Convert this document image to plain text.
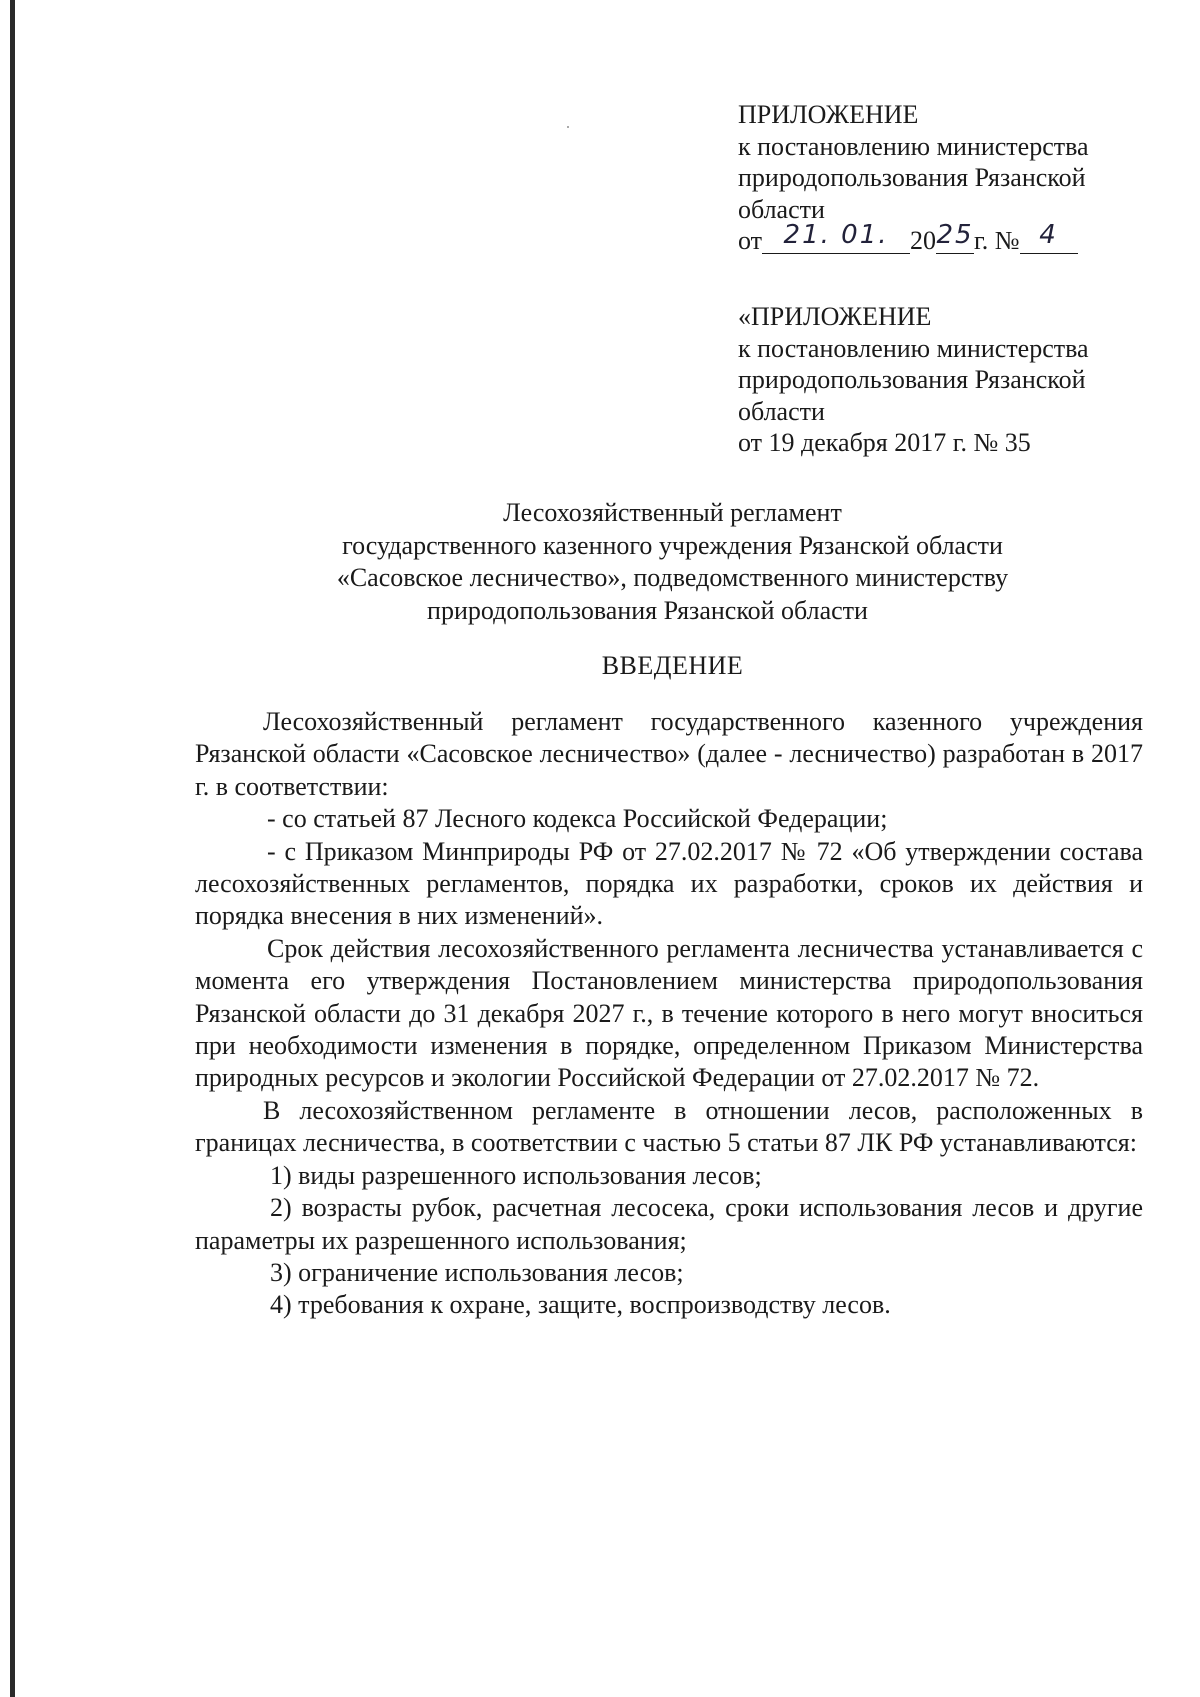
ПРИЛОЖЕНИЕ
к постановлению министерства
природопользования Рязанской
области
от 21. 01. 2025г. № 4
«ПРИЛОЖЕНИЕ
к постановлению министерства
природопользования Рязанской
области
от 19 декабря 2017 г. № 35
Лесохозяйственный регламент
государственного казенного учреждения Рязанской области
«Сасовское лесничество», подведомственного министерству
природопользования Рязанской области
ВВЕДЕНИЕ

Лесохозяйственный регламент государственного казенного учреждения Рязанской области «Сасовское лесничество» (далее - лесничество) разработан в 2017 г. в соответствии:

- со статьей 87 Лесного кодекса Российской Федерации;

- с Приказом Минприроды РФ от 27.02.2017 № 72 «Об утверждении состава лесохозяйственных регламентов, порядка их разработки, сроков их действия и порядка внесения в них изменений».

Срок действия лесохозяйственного регламента лесничества устанавливается с момента его утверждения Постановлением министерства природопользования Рязанской области до 31 декабря 2027 г., в течение которого в него могут вноситься при необходимости изменения в порядке, определенном Приказом Министерства природных ресурсов и экологии Российской Федерации от 27.02.2017 № 72.

В лесохозяйственном регламенте в отношении лесов, расположенных в границах лесничества, в соответствии с частью 5 статьи 87 ЛК РФ устанавливаются:

1) виды разрешенного использования лесов;

2) возрасты рубок, расчетная лесосека, сроки использования лесов и другие параметры их разрешенного использования;

3) ограничение использования лесов;

4) требования к охране, защите, воспроизводству лесов.
